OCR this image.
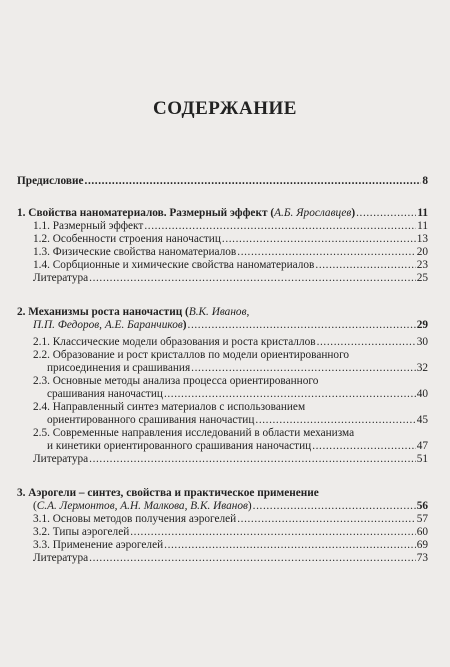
СОДЕРЖАНИЕ
Предисловие .....	8
1. Свойства наноматериалов. Размерный эффект (А.Б. Ярославцев) .....	11
1.1. Размерный эффект .....	11
1.2. Особенности строения наночастиц .....	13
1.3. Физические свойства наноматериалов .....	20
1.4. Сорбционные и химические свойства наноматериалов .....	23
Литература .....	25
2. Механизмы роста наночастиц (В.К. Иванов,
П.П. Федоров, А.Е. Баранчиков) .....	29
2.1. Классические модели образования и роста кристаллов .....	30
2.2. Образование и рост кристаллов по модели ориентированного
присоединения и срашивания .....	32
2.3. Основные методы анализа процесса ориентированного
срашивания наночастиц .....	40
2.4. Направленный синтез материалов с использованием
ориентированного срашивания наночастиц .....	45
2.5. Современные направления исследований в области механизма
и кинетики ориентированного срашивания наночастиц .....	47
Литература .....	51
3. Аэрогели – синтез, свойства и практическое применение
(С.А. Лермонтов, А.Н. Малкова, В.К. Иванов) .....	56
3.1. Основы методов получения аэрогелей .....	57
3.2. Типы аэрогелей .....	60
3.3. Применение аэрогелей .....	69
Литература .....	73
